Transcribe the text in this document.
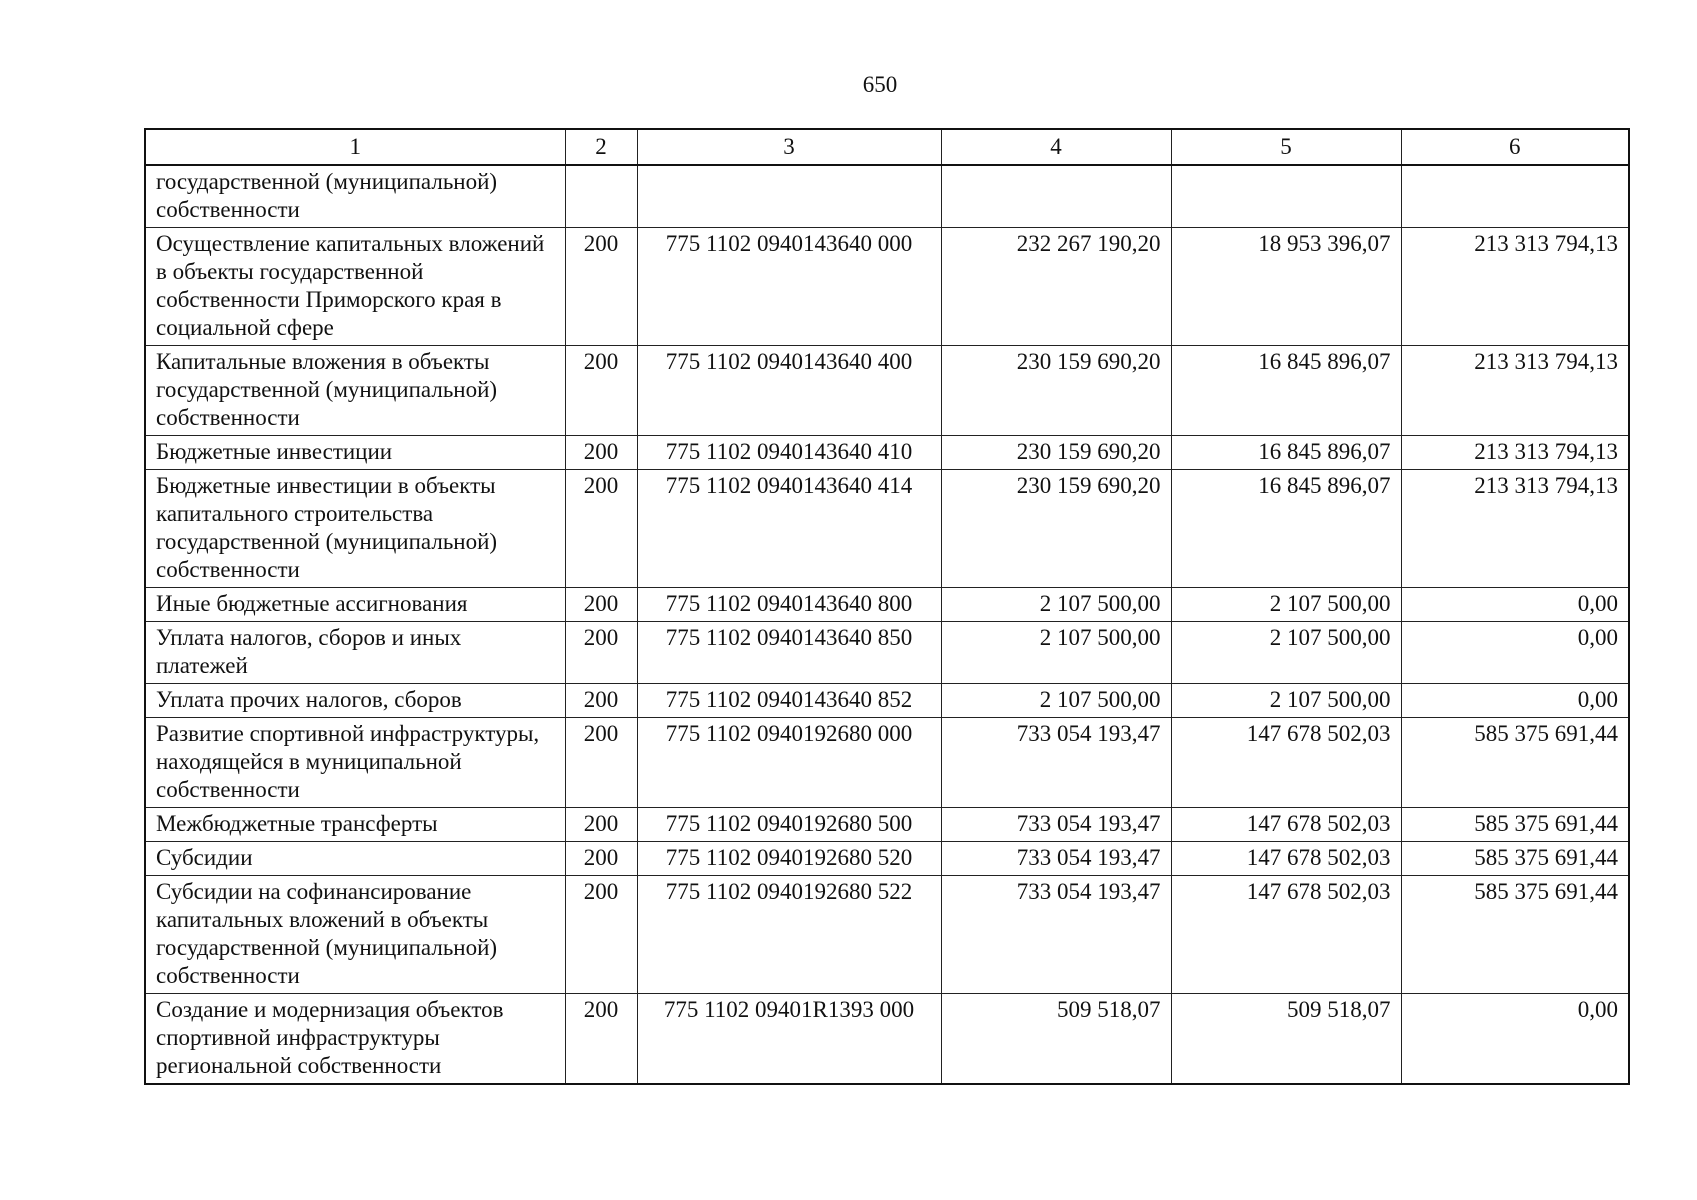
650
1	2	3	4	5	6
государственной (муниципальной) собственности					
Осуществление капитальных вложений в объекты государственной собственности Приморского края в социальной сфере	200	775 1102 0940143640 000	232 267 190,20	18 953 396,07	213 313 794,13
Капитальные вложения в объекты государственной (муниципальной) собственности	200	775 1102 0940143640 400	230 159 690,20	16 845 896,07	213 313 794,13
Бюджетные инвестиции	200	775 1102 0940143640 410	230 159 690,20	16 845 896,07	213 313 794,13
Бюджетные инвестиции в объекты капитального строительства государственной (муниципальной) собственности	200	775 1102 0940143640 414	230 159 690,20	16 845 896,07	213 313 794,13
Иные бюджетные ассигнования	200	775 1102 0940143640 800	2 107 500,00	2 107 500,00	0,00
Уплата налогов, сборов и иных платежей	200	775 1102 0940143640 850	2 107 500,00	2 107 500,00	0,00
Уплата прочих налогов, сборов	200	775 1102 0940143640 852	2 107 500,00	2 107 500,00	0,00
Развитие спортивной инфраструктуры, находящейся в муниципальной собственности	200	775 1102 0940192680 000	733 054 193,47	147 678 502,03	585 375 691,44
Межбюджетные трансферты	200	775 1102 0940192680 500	733 054 193,47	147 678 502,03	585 375 691,44
Субсидии	200	775 1102 0940192680 520	733 054 193,47	147 678 502,03	585 375 691,44
Субсидии на софинансирование капитальных вложений в объекты государственной (муниципальной) собственности	200	775 1102 0940192680 522	733 054 193,47	147 678 502,03	585 375 691,44
Создание и модернизация объектов спортивной инфраструктуры региональной собственности	200	775 1102 09401R1393 000	509 518,07	509 518,07	0,00
